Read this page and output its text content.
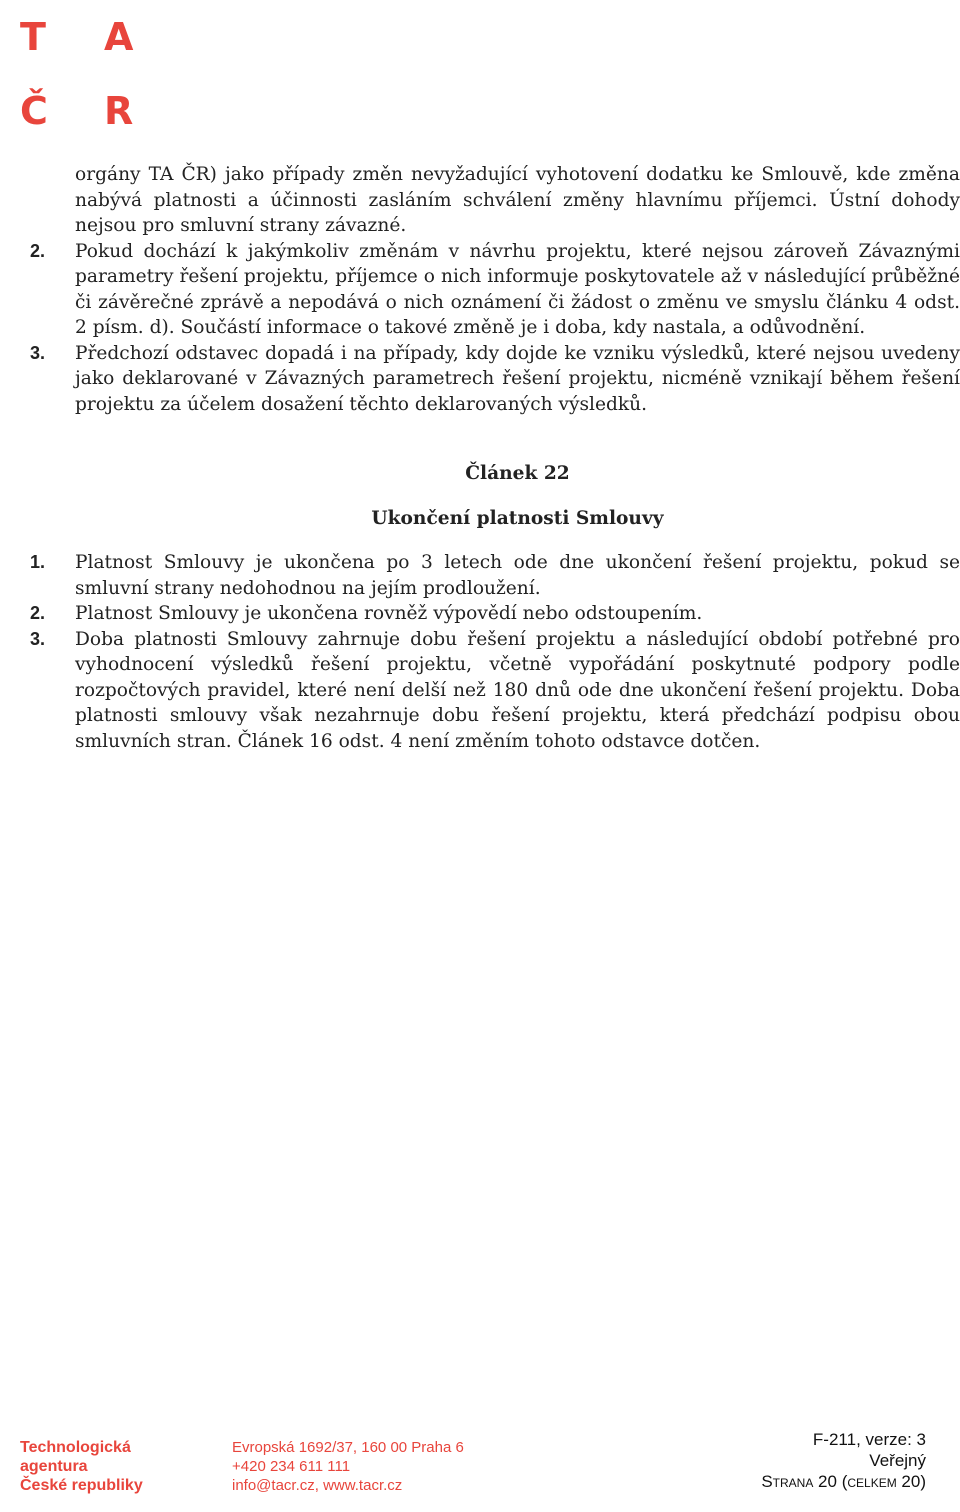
T A
Č R
orgány TA ČR) jako případy změn nevyžadující vyhotovení dodatku ke Smlouvě, kde změna nabývá platnosti a účinnosti zasláním schválení změny hlavnímu příjemci. Ústní dohody nejsou pro smluvní strany závazné.
2.	Pokud dochází k jakýmkoliv změnám v návrhu projektu, které nejsou zároveň Závaznými parametry řešení projektu, příjemce o nich informuje poskytovatele až v následující průběžné či závěrečné zprávě a nepodává o nich oznámení či žádost o změnu ve smyslu článku 4 odst. 2 písm. d). Součástí informace o takové změně je i doba, kdy nastala, a odůvodnění.
3.	Předchozí odstavec dopadá i na případy, kdy dojde ke vzniku výsledků, které nejsou uvedeny jako deklarované v Závazných parametrech řešení projektu, nicméně vznikají během řešení projektu za účelem dosažení těchto deklarovaných výsledků.
Článek 22
Ukončení platnosti Smlouvy
1.	Platnost Smlouvy je ukončena po 3 letech ode dne ukončení řešení projektu, pokud se smluvní strany nedohodnou na jejím prodloužení.
2.	Platnost Smlouvy je ukončena rovněž výpovědí nebo odstoupením.
3.	Doba platnosti Smlouvy zahrnuje dobu řešení projektu a následující období potřebné pro vyhodnocení výsledků řešení projektu, včetně vypořádání poskytnuté podpory podle rozpočtových pravidel, které není delší než 180 dnů ode dne ukončení řešení projektu. Doba platnosti smlouvy však nezahrnuje dobu řešení projektu, která předchází podpisu obou smluvních stran. Článek 16 odst. 4 není změním tohoto odstavce dotčen.
Technologická
agentura
České republiky
Evropská 1692/37, 160 00 Praha 6
+420 234 611 111
info@tacr.cz, www.tacr.cz
F-211, verze: 3
Veřejný
Strana 20 (celkem 20)
